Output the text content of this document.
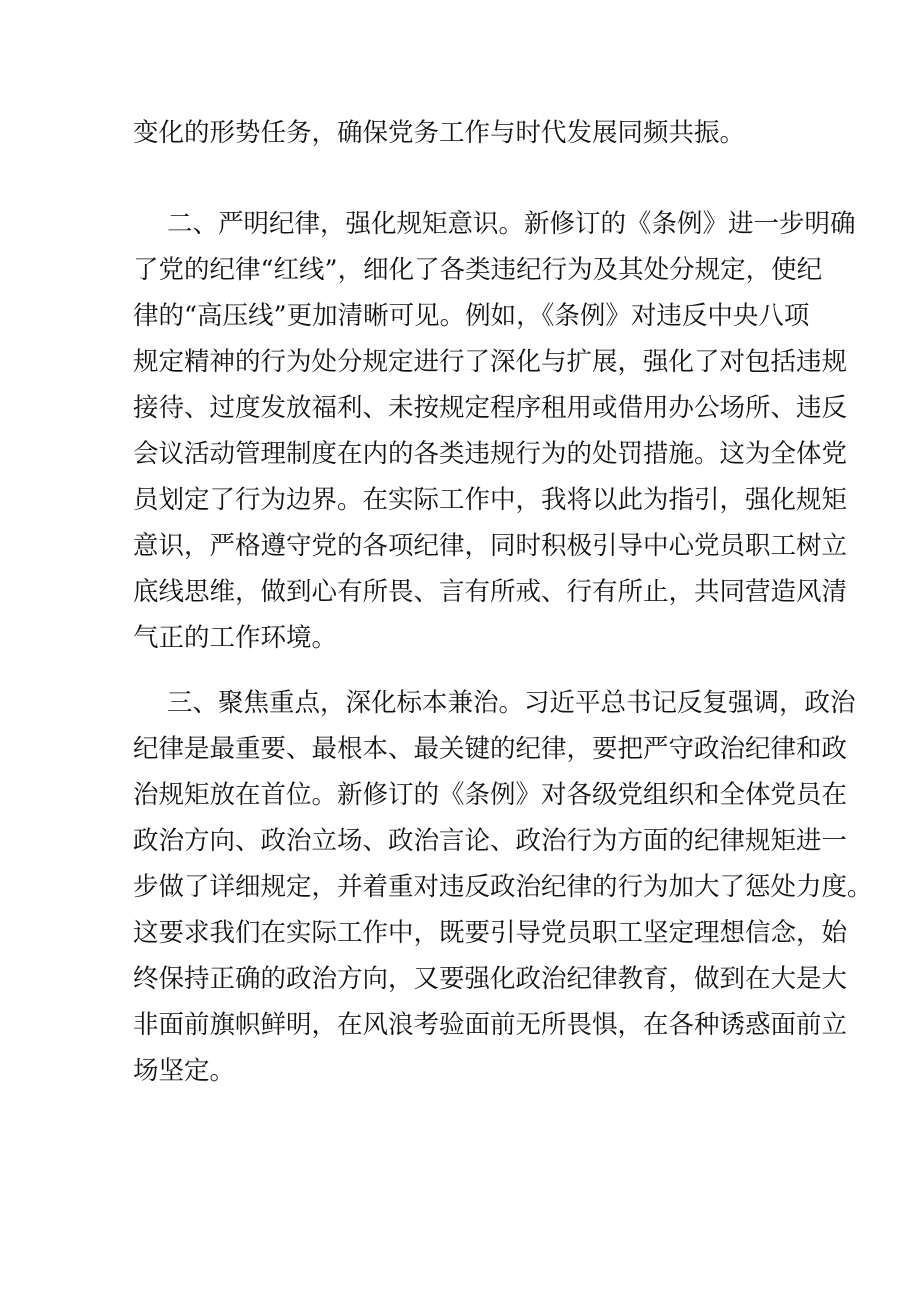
变化的形势任务，确保党务工作与时代发展同频共振。
二、严明纪律，强化规矩意识。新修订的《条例》进一步明确
了党的纪律“红线”，细化了各类违纪行为及其处分规定，使纪
律的“高压线”更加清晰可见。例如，《条例》对违反中央八项
规定精神的行为处分规定进行了深化与扩展，强化了对包括违规
接待、过度发放福利、未按规定程序租用或借用办公场所、违反
会议活动管理制度在内的各类违规行为的处罚措施。这为全体党
员划定了行为边界。在实际工作中，我将以此为指引，强化规矩
意识，严格遵守党的各项纪律，同时积极引导中心党员职工树立
底线思维，做到心有所畏、言有所戒、行有所止，共同营造风清
气正的工作环境。
三、聚焦重点，深化标本兼治。习近平总书记反复强调，政治
纪律是最重要、最根本、最关键的纪律，要把严守政治纪律和政
治规矩放在首位。新修订的《条例》对各级党组织和全体党员在
政治方向、政治立场、政治言论、政治行为方面的纪律规矩进一
步做了详细规定，并着重对违反政治纪律的行为加大了惩处力度。
这要求我们在实际工作中，既要引导党员职工坚定理想信念，始
终保持正确的政治方向，又要强化政治纪律教育，做到在大是大
非面前旗帜鲜明，在风浪考验面前无所畏惧，在各种诱惑面前立
场坚定。
